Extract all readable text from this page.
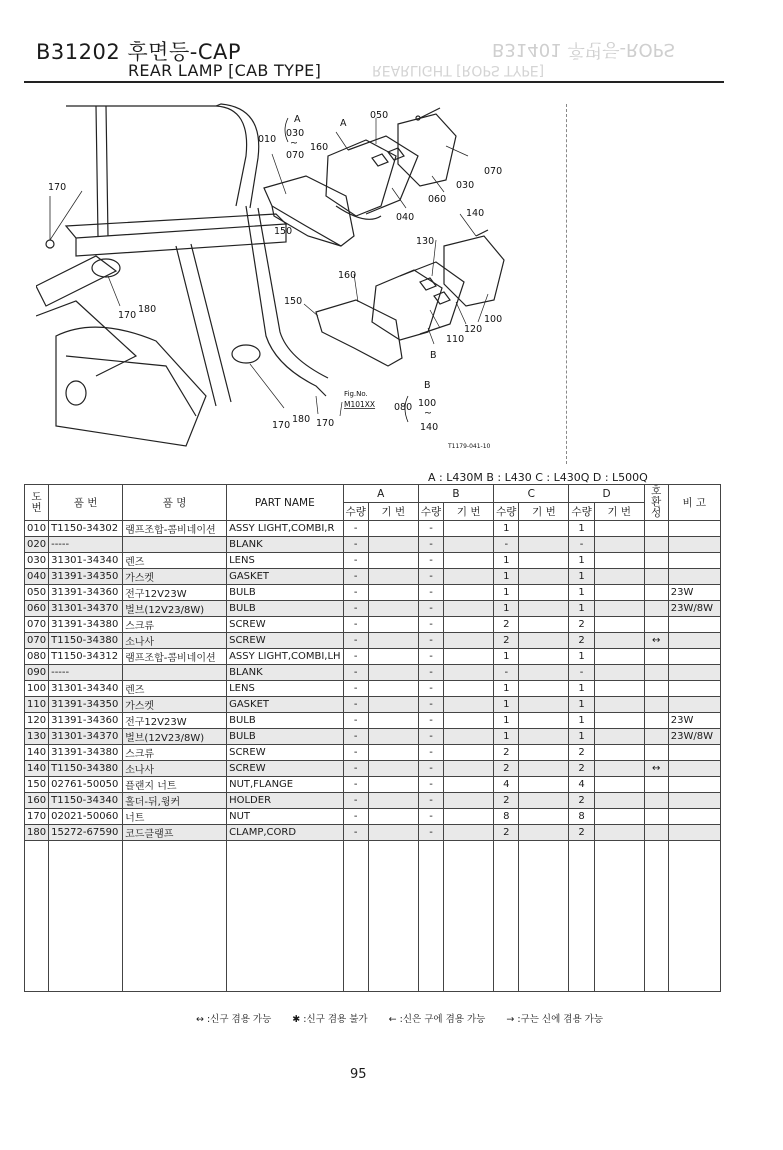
B31401 후면등-ROPS
REARLIGHT [ROPS TYPE]
B31202 후면등-CAP
REAR LAMP [CAB TYPE]
010
A
030
~
070
A
050
160
170
040
060
030
070
140
150
130
160
150
170
180
120
100
110
B
170
180 170
B
080 100
~
140
Fig.No.
M101XX
T1179-041-10
A : L430M B : L430 C : L430Q D : L500Q
도
번	품 번	품 명	PART NAME	A		B		C		D		호
환
성	비 고
				수량	기 번	수량	기 번	수량	기 번	수량	기 번		
010	T1150-34302	램프조합-콤비네이션	ASSY LIGHT,COMBI,R	-		-		1		1			
020	-----		BLANK	-		-		-		-			
030	31301-34340	렌즈	LENS	-		-		1		1			
040	31391-34350	가스켓	GASKET	-		-		1		1			
050	31391-34360	전구12V23W	BULB	-		-		1		1			23W
060	31301-34370	벌브(12V23/8W)	BULB	-		-		1		1			23W/8W
070	31391-34380	스크류	SCREW	-		-		2		2			
070	T1150-34380	소나사	SCREW	-		-		2		2		↔	
080	T1150-34312	램프조합-콤비네이션	ASSY LIGHT,COMBI,LH	-		-		1		1			
090	-----		BLANK	-		-		-		-			
100	31301-34340	렌즈	LENS	-		-		1		1			
110	31391-34350	가스켓	GASKET	-		-		1		1			
120	31391-34360	전구12V23W	BULB	-		-		1		1			23W
130	31301-34370	벌브(12V23/8W)	BULB	-		-		1		1			23W/8W
140	31391-34380	스크류	SCREW	-		-		2		2			
140	T1150-34380	소나사	SCREW	-		-		2		2		↔	
150	02761-50050	플랜지 너트	NUT,FLANGE	-		-		4		4			
160	T1150-34340	홀더-뒤,윙커	HOLDER	-		-		2		2			
170	02021-50060	너트	NUT	-		-		8		8			
180	15272-67590	코드클램프	CLAMP,CORD	-		-		2		2			

↔ :신구 겸용 가능 ✱ :신구 겸용 불가 ← :신은 구에 겸용 가능 → :구는 신에 겸용 가능
95
